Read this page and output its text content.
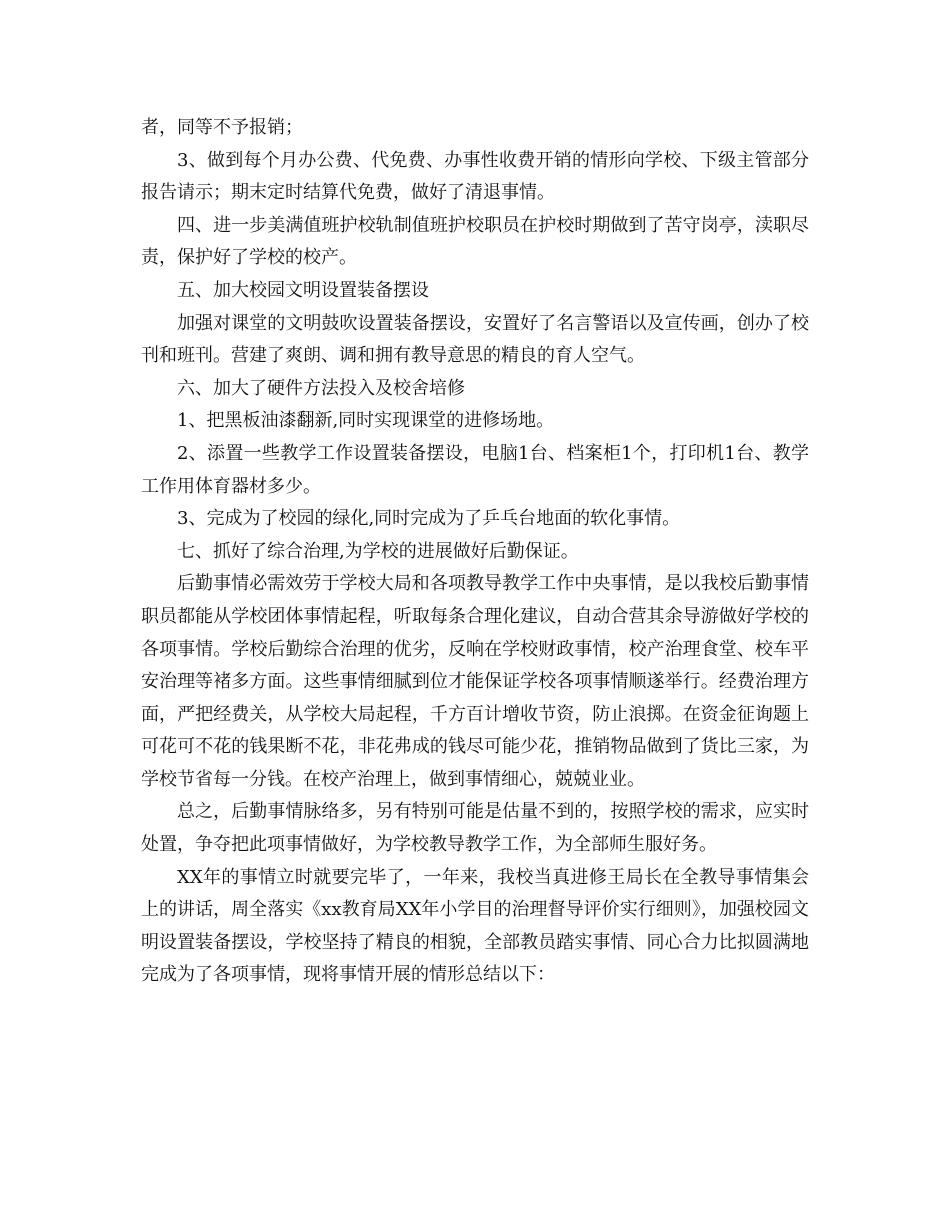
者，同等不予报销；

3、做到每个月办公费、代免费、办事性收费开销的情形向学校、下级主管部分报告请示；期末定时结算代免费，做好了清退事情。

四、进一步美满值班护校轨制值班护校职员在护校时期做到了苦守岗亭，渎职尽责，保护好了学校的校产。

五、加大校园文明设置装备摆设

加强对课堂的文明鼓吹设置装备摆设，安置好了名言警语以及宣传画，创办了校刊和班刊。营建了爽朗、调和拥有教导意思的精良的育人空气。

六、加大了硬件方法投入及校舍培修

1、把黑板油漆翻新,同时实现课堂的进修场地。

2、添置一些教学工作设置装备摆设，电脑1台、档案柜1个，打印机1台、教学工作用体育器材多少。

3、完成为了校园的绿化,同时完成为了乒乓台地面的软化事情。

七、抓好了综合治理,为学校的进展做好后勤保证。

后勤事情必需效劳于学校大局和各项教导教学工作中央事情，是以我校后勤事情职员都能从学校团体事情起程，听取每条合理化建议，自动合营其余导游做好学校的各项事情。学校后勤综合治理的优劣，反响在学校财政事情，校产治理食堂、校车平安治理等褚多方面。这些事情细腻到位才能保证学校各项事情顺遂举行。经费治理方面，严把经费关，从学校大局起程，千方百计增收节资，防止浪掷。在资金征询题上可花可不花的钱果断不花，非花弗成的钱尽可能少花，推销物品做到了货比三家，为学校节省每一分钱。在校产治理上，做到事情细心，兢兢业业。

总之，后勤事情脉络多，另有特别可能是估量不到的，按照学校的需求，应实时处置，争夺把此项事情做好，为学校教导教学工作，为全部师生服好务。

XX年的事情立时就要完毕了，一年来，我校当真进修王局长在全教导事情集会上的讲话，周全落实《xx教育局XX年小学目的治理督导评价实行细则》，加强校园文明设置装备摆设，学校坚持了精良的相貌，全部教员踏实事情、同心合力比拟圆满地完成为了各项事情，现将事情开展的情形总结以下：
